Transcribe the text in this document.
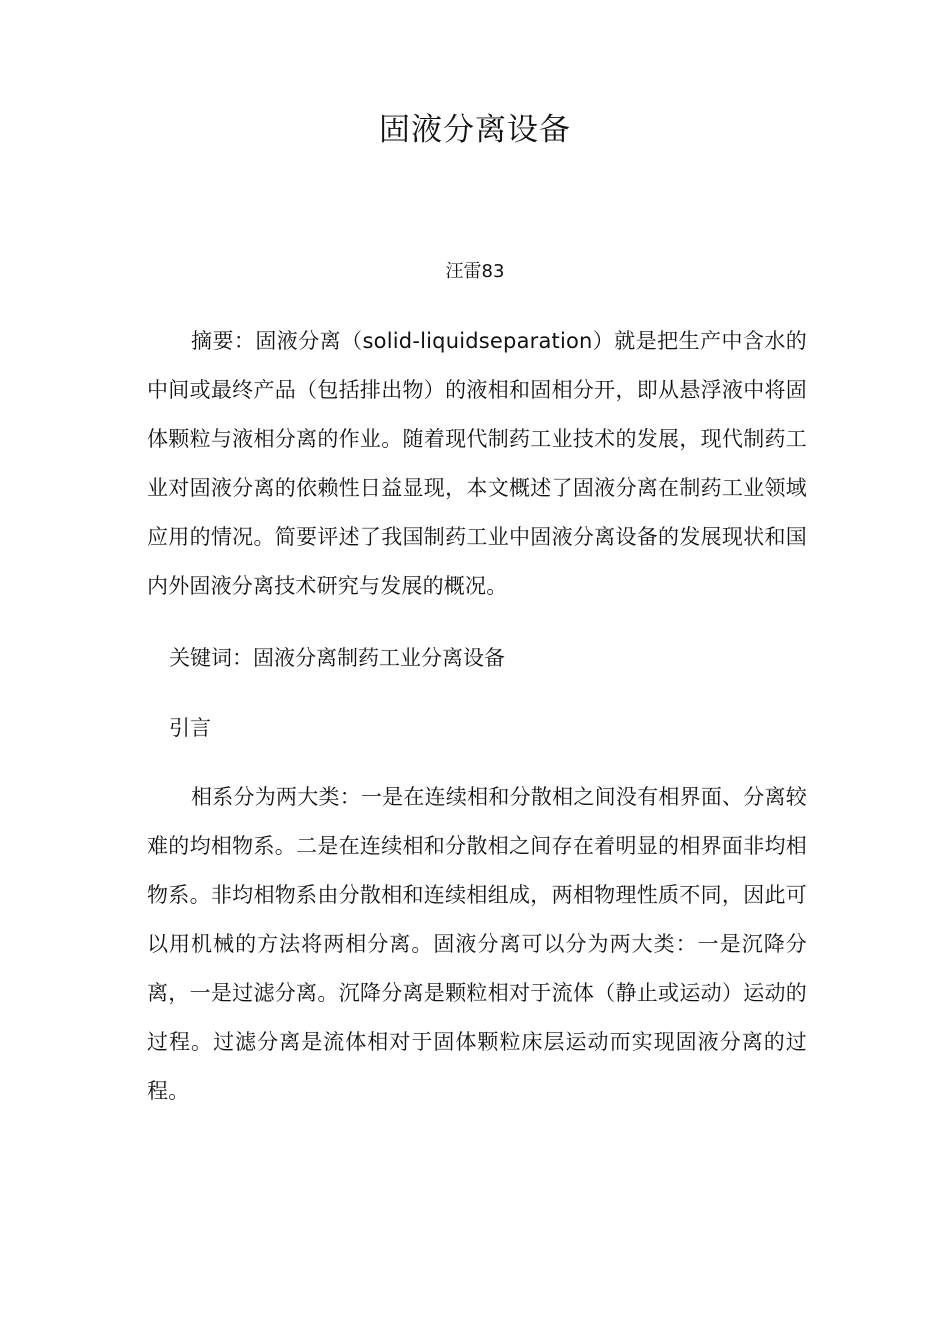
固液分离设备

汪雷83

摘要：固液分离（solid-liquidseparation）就是把生产中含水的中间或最终产品（包括排出物）的液相和固相分开，即从悬浮液中将固体颗粒与液相分离的作业。随着现代制药工业技术的发展，现代制药工业对固液分离的依赖性日益显现，本文概述了固液分离在制药工业领域应用的情况。简要评述了我国制药工业中固液分离设备的发展现状和国内外固液分离技术研究与发展的概况。

关键词：固液分离制药工业分离设备

引言

相系分为两大类：一是在连续相和分散相之间没有相界面、分离较难的均相物系。二是在连续相和分散相之间存在着明显的相界面非均相物系。非均相物系由分散相和连续相组成，两相物理性质不同，因此可以用机械的方法将两相分离。固液分离可以分为两大类：一是沉降分离，一是过滤分离。沉降分离是颗粒相对于流体（静止或运动）运动的过程。过滤分离是流体相对于固体颗粒床层运动而实现固液分离的过程。
